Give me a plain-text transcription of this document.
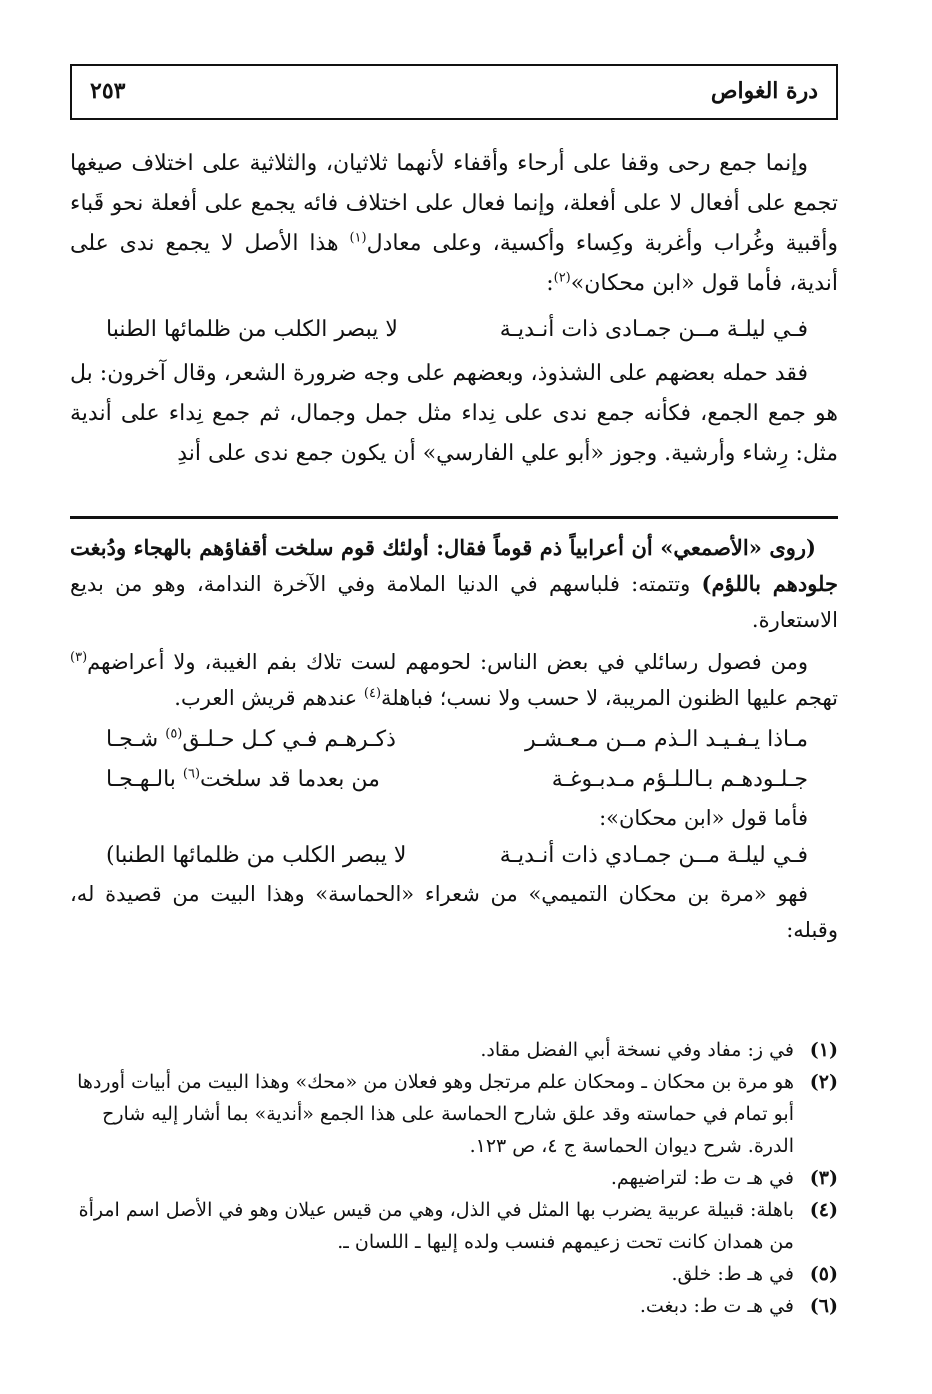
درة الغواص
٢٥٣

وإنما جمع رحى وقفا على أرحاء وأقفاء لأنهما ثلاثيان، والثلاثية على اختلاف صيغها تجمع على أفعال لا على أفعلة، وإنما فعال على اختلاف فائه يجمع على أفعلة نحو قَباء وأقبية وغُراب وأغربة وكِساء وأكسية، وعلى معادل$^{(١)}$ هذا الأصل لا يجمع ندى على أندية، فأما قول «ابن محكان»$^{(٢)}$:

فـي ليلـة مــن جمـادى ذات أنـديـة
لا يبصر الكلب من ظلمائها الطنبا

فقد حمله بعضهم على الشذوذ، وبعضهم على وجه ضرورة الشعر، وقال آخرون: بل هو جمع الجمع، فكأنه جمع ندى على نِداء مثل جمل وجمال، ثم جمع نِداء على أندية مثل: رِشاء وأرشية. وجوز «أبو علي الفارسي» أن يكون جمع ندى على أندِ

(روى «الأصمعي» أن أعرابياً ذم قوماً فقال: أولئك قوم سلخت أقفاؤهم بالهجاء ودُبغت جلودهم باللؤم) وتتمته: فلباسهم في الدنيا الملامة وفي الآخرة الندامة، وهو من بديع الاستعارة.

ومن فصول رسائلي في بعض الناس: لحومهم لست تلاك بفم الغيبة، ولا أعراضهم$^{(٣)}$ تهجم عليها الظنون المريبة، لا حسب ولا نسب؛ فباهلة$^{(٤)}$ عندهم قريش العرب.

مـاذا يـفـيـد الـذم مــن مـعـشـر
ذكـرهـم فـي كـل حـلـق$^{(٥)}$ شـجـا
جـلـودهـم بـالـلـؤم مـدبـوغـة
من بعدما قد سلخت$^{(٦)}$ بالـهـجـا

فأما قول «ابن محكان»:

فـي ليلـة مــن جمـادي ذات أنـديـة
لا يبصر الكلب من ظلمائها الطنبا)

فهو «مرة بن محكان التميمي» من شعراء «الحماسة» وهذا البيت من قصيدة له، وقبله:

(١)
في ز: مفاد وفي نسخة أبي الفضل مقاد.
(٢)
هو مرة بن محكان ـ ومحكان علم مرتجل وهو فعلان من «محك» وهذا البيت من أبيات أوردها أبو تمام في حماسته وقد علق شارح الحماسة على هذا الجمع «أندية» بما أشار إليه شارح الدرة. شرح ديوان الحماسة ج ٤، ص ١٢٣.
(٣)
في هـ ت ط: لتراضيهم.
(٤)
باهلة: قبيلة عربية يضرب بها المثل في الذل، وهي من قيس عيلان وهو في الأصل اسم امرأة من همدان كانت تحت زعيمهم فنسب ولده إليها ـ اللسان ـ.
(٥)
في هـ ط: خلق.
(٦)
في هـ ت ط: دبغت.
